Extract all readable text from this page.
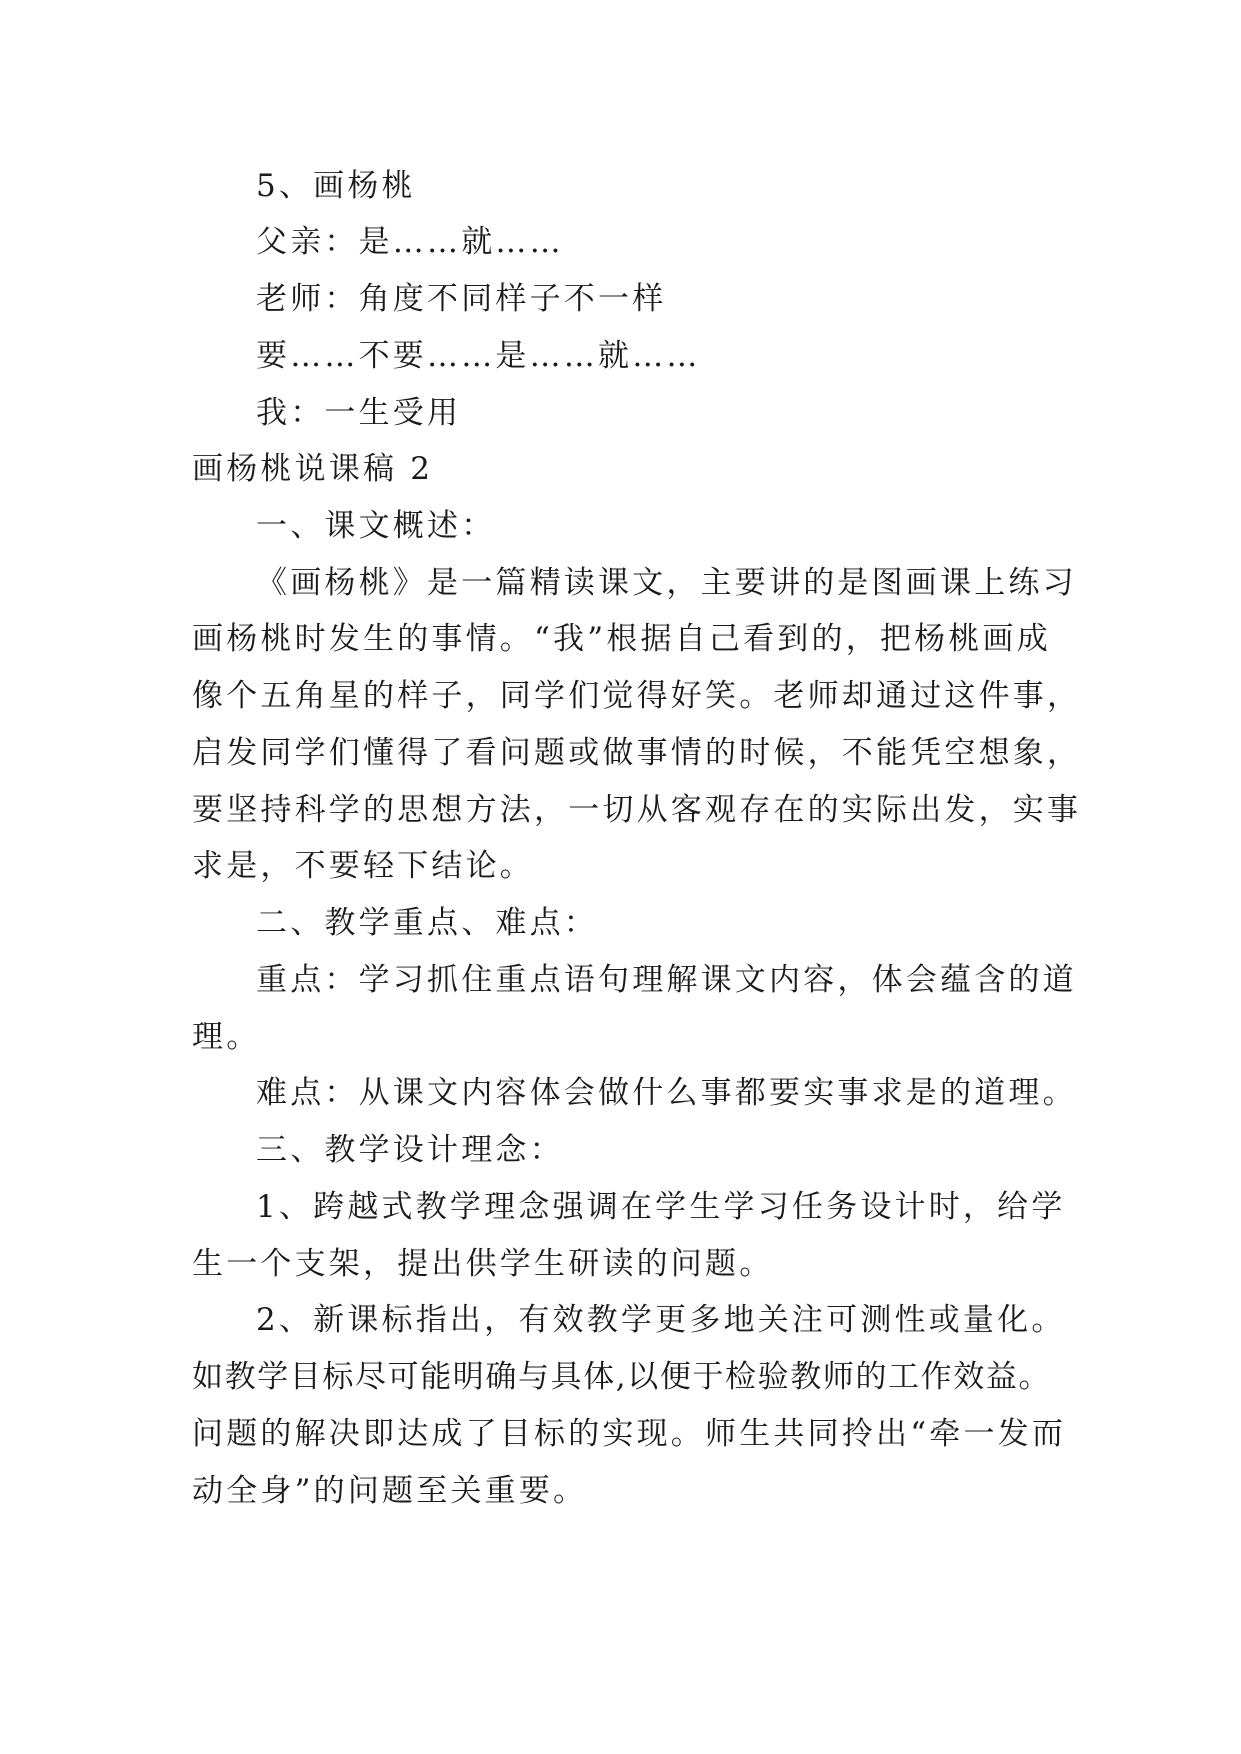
5、画杨桃
父亲：是……就……
老师：角度不同样子不一样
要……不要……是……就……
我：一生受用
画杨桃说课稿 2
一、课文概述：
《画杨桃》是一篇精读课文，主要讲的是图画课上练习
画杨桃时发生的事情。“我”根据自己看到的，把杨桃画成
像个五角星的样子，同学们觉得好笑。老师却通过这件事，
启发同学们懂得了看问题或做事情的时候，不能凭空想象，
要坚持科学的思想方法，一切从客观存在的实际出发，实事
求是，不要轻下结论。
二、教学重点、难点：
重点：学习抓住重点语句理解课文内容，体会蕴含的道
理。
难点：从课文内容体会做什么事都要实事求是的道理。
三、教学设计理念：
1、跨越式教学理念强调在学生学习任务设计时，给学
生一个支架，提出供学生研读的问题。
2、新课标指出，有效教学更多地关注可测性或量化。
如教学目标尽可能明确与具体,以便于检验教师的工作效益。
问题的解决即达成了目标的实现。师生共同拎出“牵一发而
动全身”的问题至关重要。
